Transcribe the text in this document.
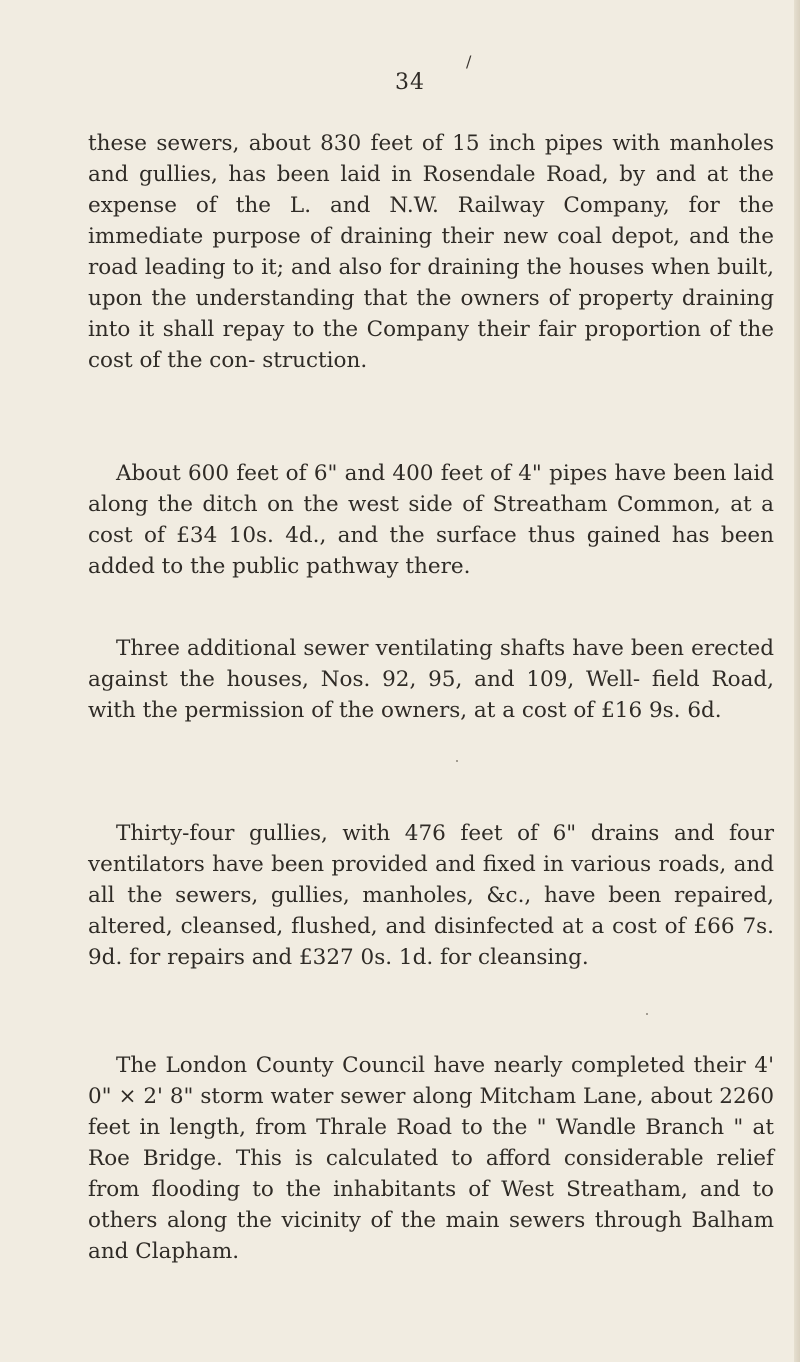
/
34

these sewers, about 830 feet of 15 inch pipes with manholes and gullies, has been laid in Rosendale Road, by and at the expense of the L. and N.W. Railway Company, for the immediate purpose of draining their new coal depot, and the road leading to it; and also for draining the houses when built, upon the understanding that the owners of property draining into it shall repay to the Company their fair proportion of the cost of the con- struction.

About 600 feet of 6" and 400 feet of 4" pipes have been laid along the ditch on the west side of Streatham Common, at a cost of £34 10s. 4d., and the surface thus gained has been added to the public pathway there.

Three additional sewer ventilating shafts have been erected against the houses, Nos. 92, 95, and 109, Well- field Road, with the permission of the owners, at a cost of £16 9s. 6d.

Thirty-four gullies, with 476 feet of 6" drains and four ventilators have been provided and fixed in various roads, and all the sewers, gullies, manholes, &c., have been repaired, altered, cleansed, flushed, and disinfected at a cost of £66 7s. 9d. for repairs and £327 0s. 1d. for cleansing.

The London County Council have nearly completed their 4' 0" × 2' 8" storm water sewer along Mitcham Lane, about 2260 feet in length, from Thrale Road to the " Wandle Branch " at Roe Bridge. This is calculated to afford considerable relief from flooding to the inhabitants of West Streatham, and to others along the vicinity of the main sewers through Balham and Clapham.
